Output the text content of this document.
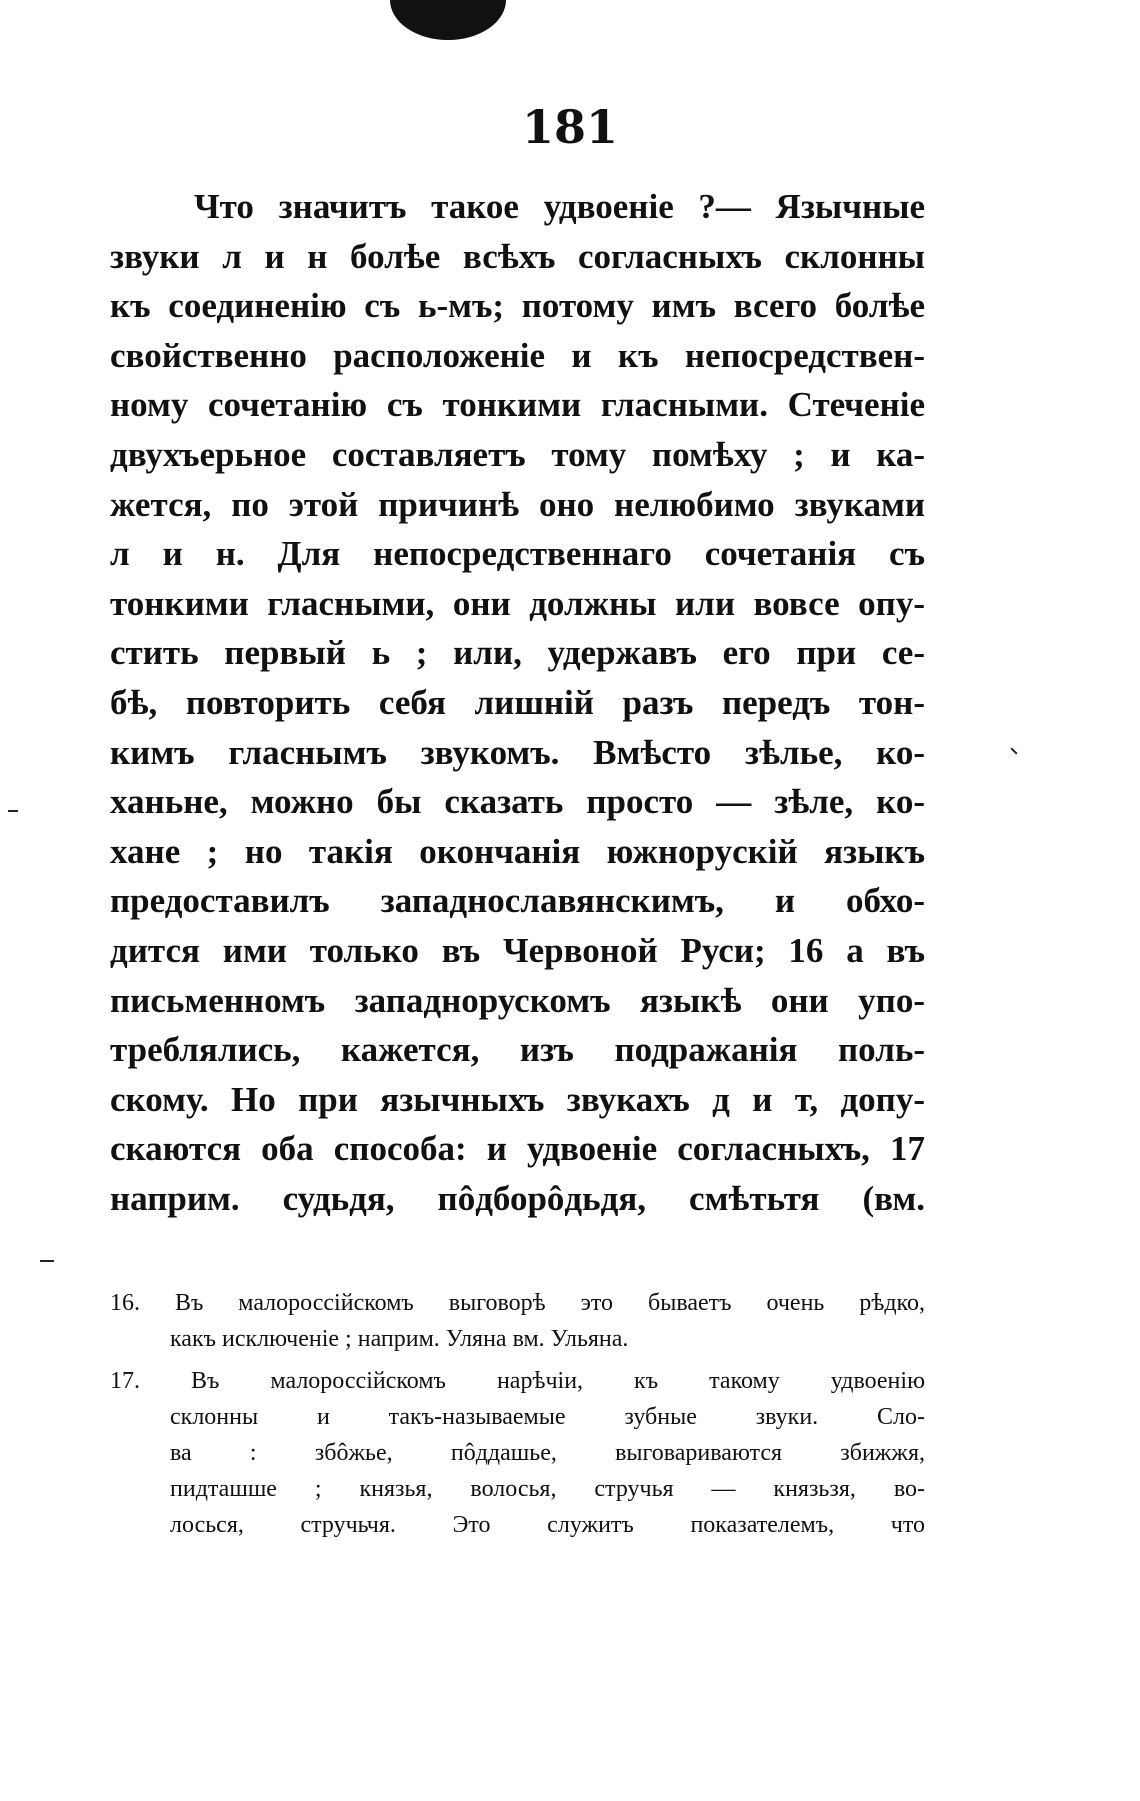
181
Что значитъ такое удвоеніе ?— Язычные
звуки л и н болѣе всѣхъ согласныхъ склонны
къ соединенію съ ь-мъ; потому имъ всего болѣе
свойственно расположеніе и къ непосредствен-
ному сочетанію съ тонкими гласными. Стеченіе
двухъерьное составляетъ тому помѣху ; и ка-
жется, по этой причинѣ оно нелюбимо звуками
л и н. Для непосредственнаго сочетанія съ
тонкими гласными, они должны или вовсе опу-
стить первый ь ; или, удержавъ его при се-
бѣ, повторить себя лишній разъ передъ тон-
кимъ гласнымъ звукомъ. Вмѣсто зѣлье, ко-
ханьне, можно бы сказать просто — зѣле, ко-
хане ; но такія окончанія южноруcкій языкъ
предоставилъ западнославянскимъ, и обхо-
дится ими только въ Червоной Руси; 16 а въ
письменномъ западнорускомъ языкѣ они упо-
треблялись, кажется, изъ подражанія поль-
скому. Но при язычныхъ звукахъ д и т, допу-
скаются оба способа: и удвоеніе согласныхъ, 17
наприм. судьдя, пôдборôдьдя, смѣтьтя (вм.
16. Въ малороссійскомъ выговорѣ это бываетъ очень рѣдко,
какъ исключеніе ; наприм. Уляна вм. Ульяна.
17. Въ малороссійскомъ нарѣчіи, къ такому удвоенію
склонны и такъ-называемые зубные звуки. Сло-
ва : збôжье, пôддашье, выговариваются збижжя,
пидташше ; князья, волосья, стручья — князьзя, во-
лосься, стручьчя. Это служитъ показателемъ, что
